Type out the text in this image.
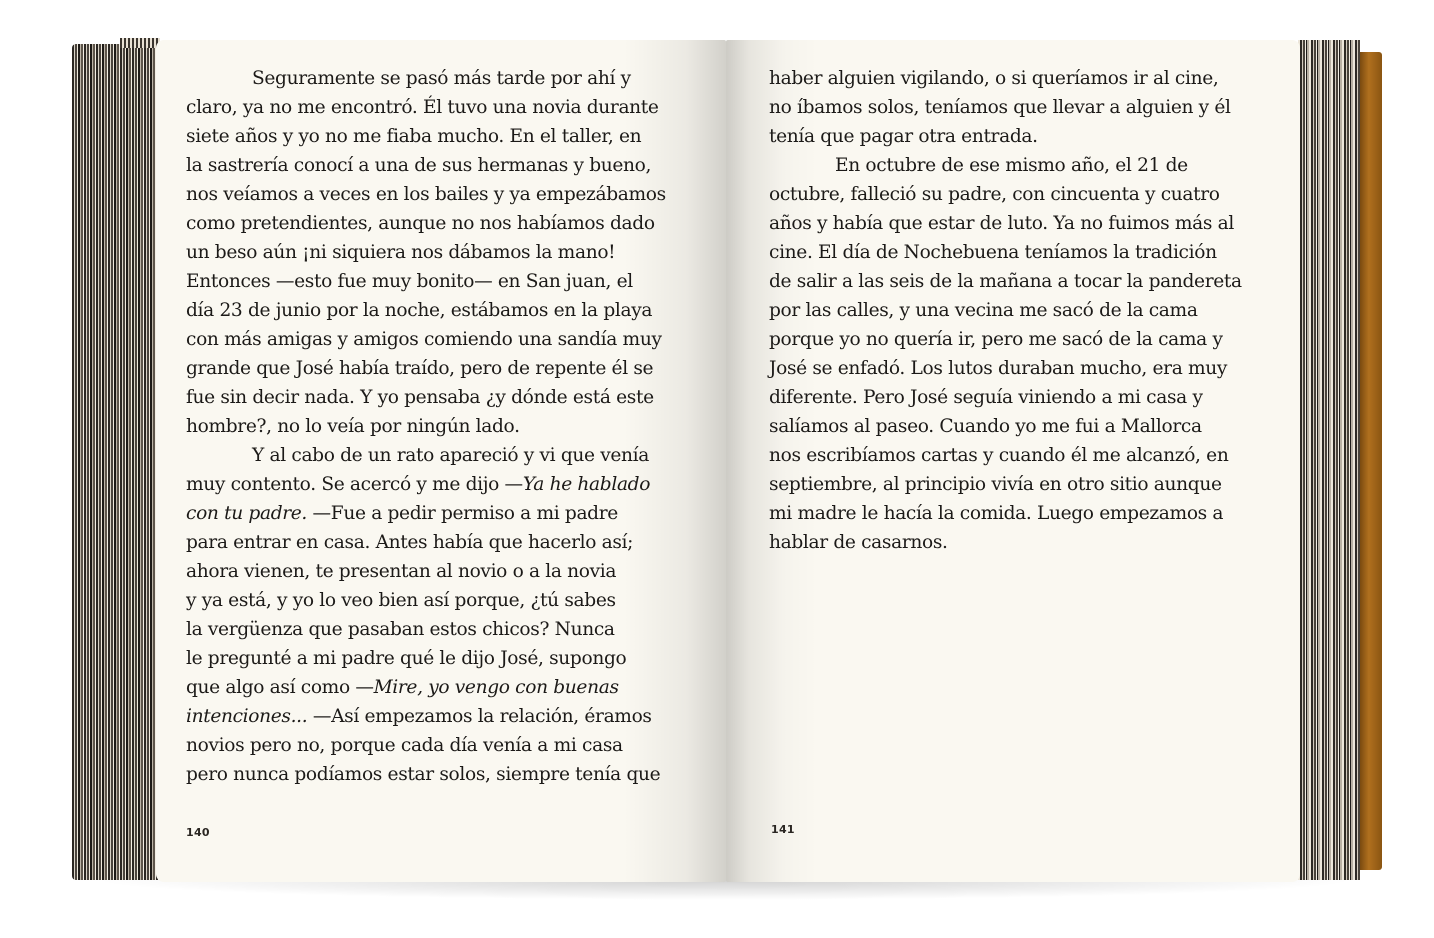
Seguramente se pasó más tarde por ahí y
claro, ya no me encontró. Él tuvo una novia durante
siete años y yo no me fiaba mucho. En el taller, en
la sastrería conocí a una de sus hermanas y bueno,
nos veíamos a veces en los bailes y ya empezábamos
como pretendientes, aunque no nos habíamos dado
un beso aún ¡ni siquiera nos dábamos la mano!
Entonces —esto fue muy bonito— en San juan, el
día 23 de junio por la noche, estábamos en la playa
con más amigas y amigos comiendo una sandía muy
grande que José había traído, pero de repente él se
fue sin decir nada. Y yo pensaba ¿y dónde está este
hombre?, no lo veía por ningún lado.
Y al cabo de un rato apareció y vi que venía
muy contento. Se acercó y me dijo —Ya he hablado
con tu padre. —Fue a pedir permiso a mi padre
para entrar en casa. Antes había que hacerlo así;
ahora vienen, te presentan al novio o a la novia
y ya está, y yo lo veo bien así porque, ¿tú sabes
la vergüenza que pasaban estos chicos? Nunca
le pregunté a mi padre qué le dijo José, supongo
que algo así como —Mire, yo vengo con buenas
intenciones... —Así empezamos la relación, éramos
novios pero no, porque cada día venía a mi casa
pero nunca podíamos estar solos, siempre tenía que
140
haber alguien vigilando, o si queríamos ir al cine,
no íbamos solos, teníamos que llevar a alguien y él
tenía que pagar otra entrada.
En octubre de ese mismo año, el 21 de
octubre, falleció su padre, con cincuenta y cuatro
años y había que estar de luto. Ya no fuimos más al
cine. El día de Nochebuena teníamos la tradición
de salir a las seis de la mañana a tocar la pandereta
por las calles, y una vecina me sacó de la cama
porque yo no quería ir, pero me sacó de la cama y
José se enfadó. Los lutos duraban mucho, era muy
diferente. Pero José seguía viniendo a mi casa y
salíamos al paseo. Cuando yo me fui a Mallorca
nos escribíamos cartas y cuando él me alcanzó, en
septiembre, al principio vivía en otro sitio aunque
mi madre le hacía la comida. Luego empezamos a
hablar de casarnos.
141
